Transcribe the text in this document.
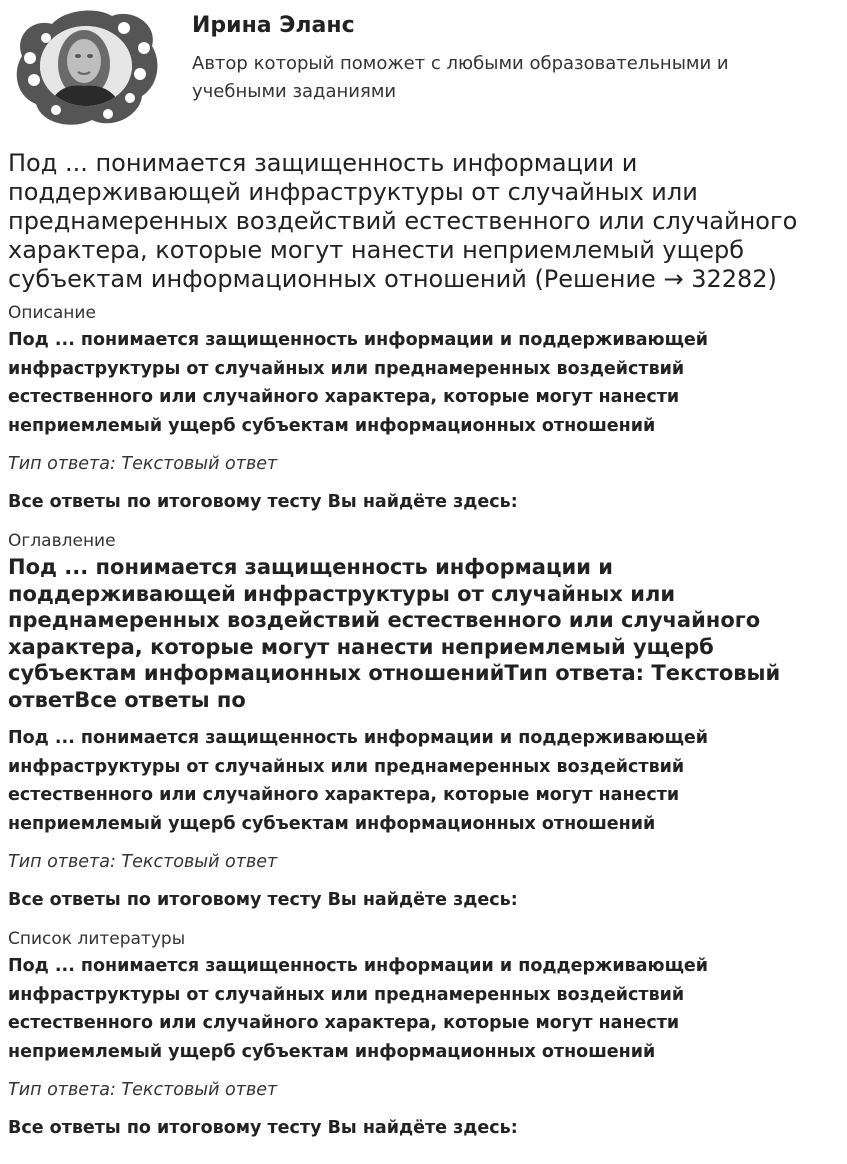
Ирина Эланс

Автор который поможет с любыми образовательными и учебными заданиями

Под ... понимается защищенность информации и поддерживающей инфраструктуры от случайных или преднамеренных воздействий естественного или случайного характера, которые могут нанести неприемлемый ущерб субъектам информационных отношений (Решение → 32282)

Описание

Под ... понимается защищенность информации и поддерживающей инфраструктуры от случайных или преднамеренных воздействий естественного или случайного характера, которые могут нанести неприемлемый ущерб субъектам информационных отношений

Тип ответа: Текстовый ответ

Все ответы по итоговому тесту Вы найдёте здесь:

Оглавление

Под ... понимается защищенность информации и поддерживающей инфраструктуры от случайных или преднамеренных воздействий естественного или случайного характера, которые могут нанести неприемлемый ущерб субъектам информационных отношенийТип ответа: Текстовый ответВсе ответы по

Под ... понимается защищенность информации и поддерживающей инфраструктуры от случайных или преднамеренных воздействий естественного или случайного характера, которые могут нанести неприемлемый ущерб субъектам информационных отношений

Тип ответа: Текстовый ответ

Все ответы по итоговому тесту Вы найдёте здесь:

Список литературы

Под ... понимается защищенность информации и поддерживающей инфраструктуры от случайных или преднамеренных воздействий естественного или случайного характера, которые могут нанести неприемлемый ущерб субъектам информационных отношений

Тип ответа: Текстовый ответ

Все ответы по итоговому тесту Вы найдёте здесь:
